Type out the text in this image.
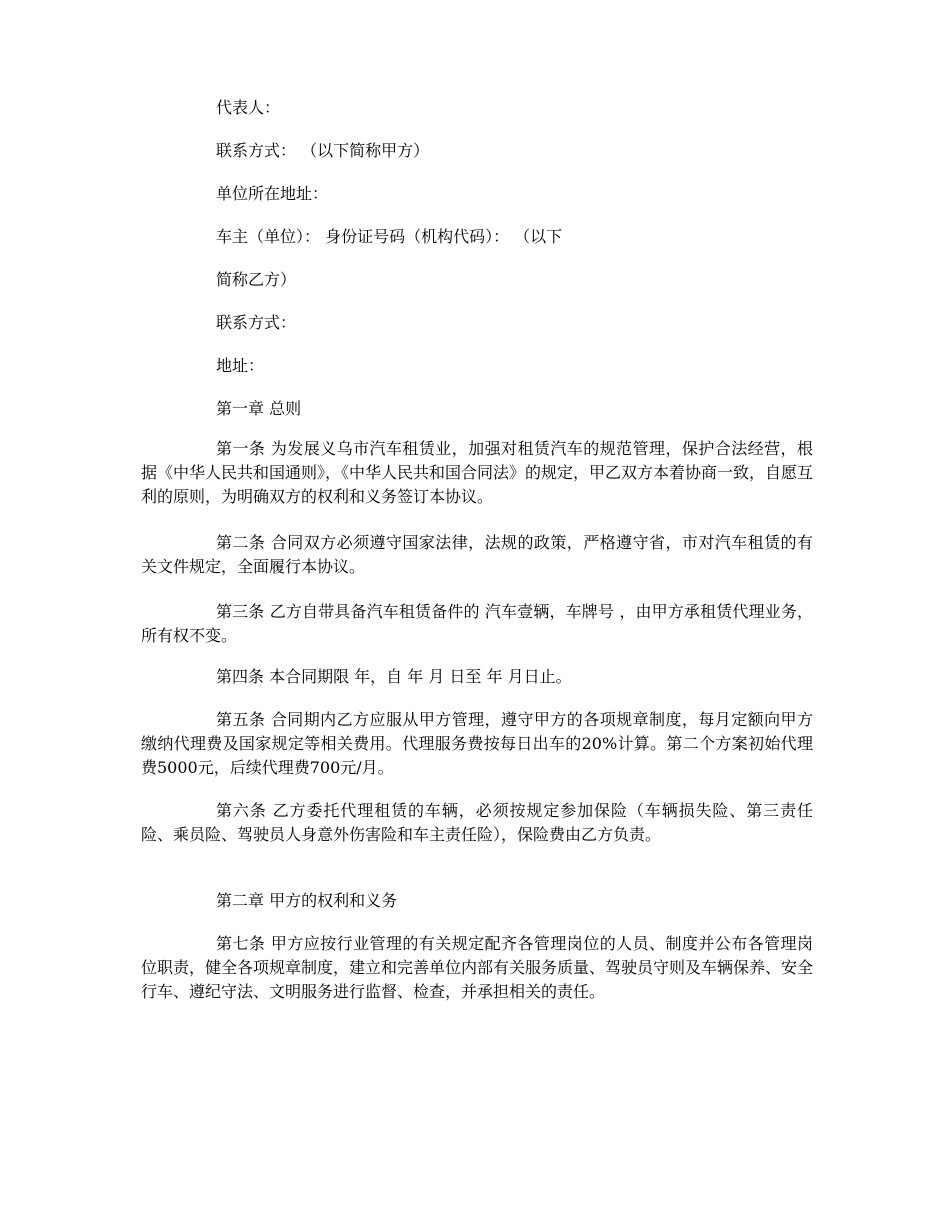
代表人：
联系方式： （以下简称甲方）
单位所在地址：
车主（单位）： 身份证号码（机构代码）： （以下
简称乙方）
联系方式：
地址：
第一章 总则
第一条 为发展义乌市汽车租赁业，加强对租赁汽车的规范管理，保护合法经营，根据《中华人民共和国通则》，《中华人民共和国合同法》的规定，甲乙双方本着协商一致，自愿互利的原则，为明确双方的权利和义务签订本协议。
第二条 合同双方必须遵守国家法律，法规的政策，严格遵守省，市对汽车租赁的有关文件规定，全面履行本协议。
第三条 乙方自带具备汽车租赁备件的 汽车壹辆，车牌号 ，由甲方承租赁代理业务，所有权不变。
第四条 本合同期限 年，自 年 月 日至 年 月日止。
第五条 合同期内乙方应服从甲方管理，遵守甲方的各项规章制度，每月定额向甲方缴纳代理费及国家规定等相关费用。代理服务费按每日出车的20%计算。第二个方案初始代理费5000元，后续代理费700元/月。
第六条 乙方委托代理租赁的车辆，必须按规定参加保险（车辆损失险、第三责任险、乘员险、驾驶员人身意外伤害险和车主责任险），保险费由乙方负责。
第二章 甲方的权利和义务
第七条 甲方应按行业管理的有关规定配齐各管理岗位的人员、制度并公布各管理岗位职责，健全各项规章制度，建立和完善单位内部有关服务质量、驾驶员守则及车辆保养、安全行车、遵纪守法、文明服务进行监督、检查，并承担相关的责任。
